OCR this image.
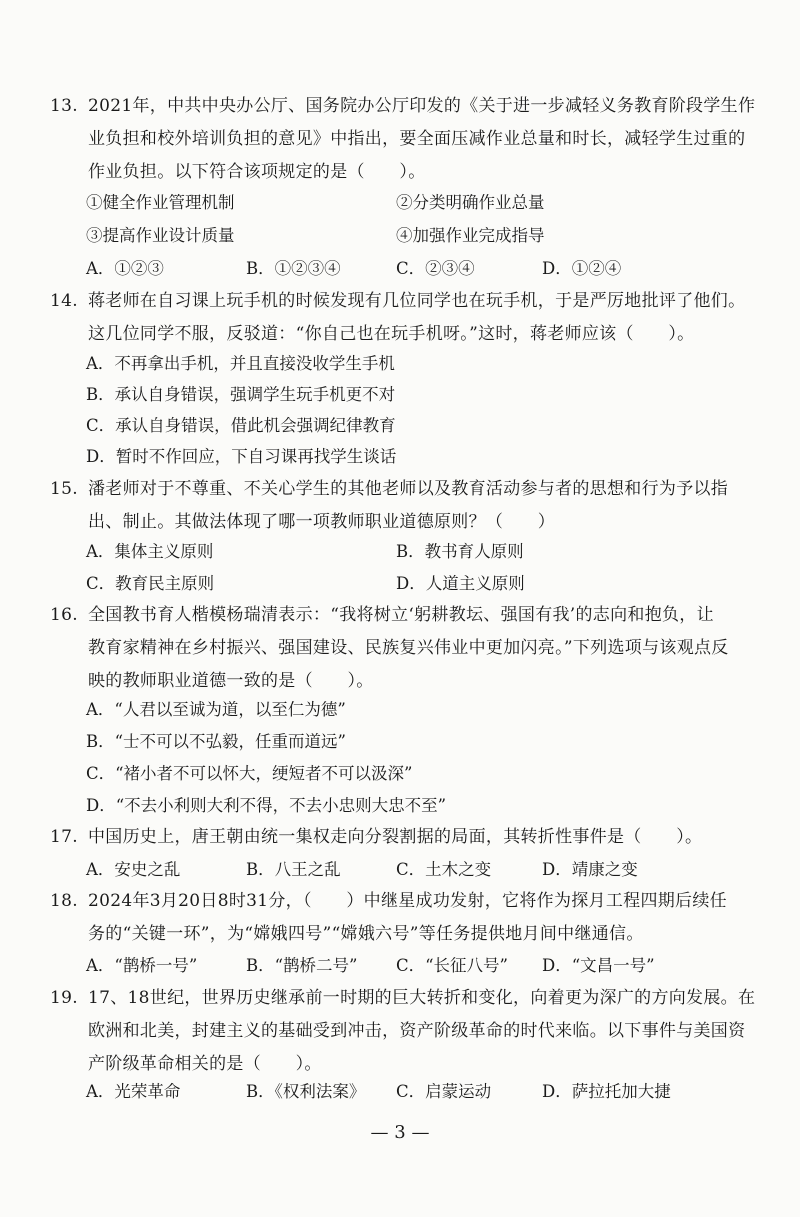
13. 2021年，中共中央办公厅、国务院办公厅印发的《关于进一步减轻义务教育阶段学生作
业负担和校外培训负担的意见》中指出，要全面压减作业总量和时长，减轻学生过重的
作业负担。以下符合该项规定的是（　　）。
①健全作业管理机制	②分类明确作业总量
③提高作业设计质量	④加强作业完成指导
A．①②③	B．①②③④	C．②③④	D．①②④
14. 蒋老师在自习课上玩手机的时候发现有几位同学也在玩手机，于是严厉地批评了他们。
这几位同学不服，反驳道：“你自己也在玩手机呀。”这时，蒋老师应该（　　）。
A．不再拿出手机，并且直接没收学生手机
B．承认自身错误，强调学生玩手机更不对
C．承认自身错误，借此机会强调纪律教育
D．暂时不作回应，下自习课再找学生谈话
15. 潘老师对于不尊重、不关心学生的其他老师以及教育活动参与者的思想和行为予以指
出、制止。其做法体现了哪一项教师职业道德原则？（　　）
A．集体主义原则	B．教书育人原则
C．教育民主原则	D．人道主义原则
16. 全国教书育人楷模杨瑞清表示：“我将树立‘躬耕教坛、强国有我’的志向和抱负，让
教育家精神在乡村振兴、强国建设、民族复兴伟业中更加闪亮。”下列选项与该观点反
映的教师职业道德一致的是（　　）。
A．“人君以至诚为道，以至仁为德”
B．“士不可以不弘毅，任重而道远”
C．“褚小者不可以怀大，绠短者不可以汲深”
D．“不去小利则大利不得，不去小忠则大忠不至”
17. 中国历史上，唐王朝由统一集权走向分裂割据的局面，其转折性事件是（　　）。
A．安史之乱	B．八王之乱	C．土木之变	D．靖康之变
18. 2024年3月20日8时31分，（　　）中继星成功发射，它将作为探月工程四期后续任
务的“关键一环”，为“嫦娥四号”“嫦娥六号”等任务提供地月间中继通信。
A．“鹊桥一号”	B．“鹊桥二号” C．“长征八号” D．“文昌一号”
19. 17、18世纪，世界历史继承前一时期的巨大转折和变化，向着更为深广的方向发展。在
欧洲和北美，封建主义的基础受到冲击，资产阶级革命的时代来临。以下事件与美国资
产阶级革命相关的是（　　）。
A．光荣革命	B．《权利法案》 C．启蒙运动	D．萨拉托加大捷
— 3 —
